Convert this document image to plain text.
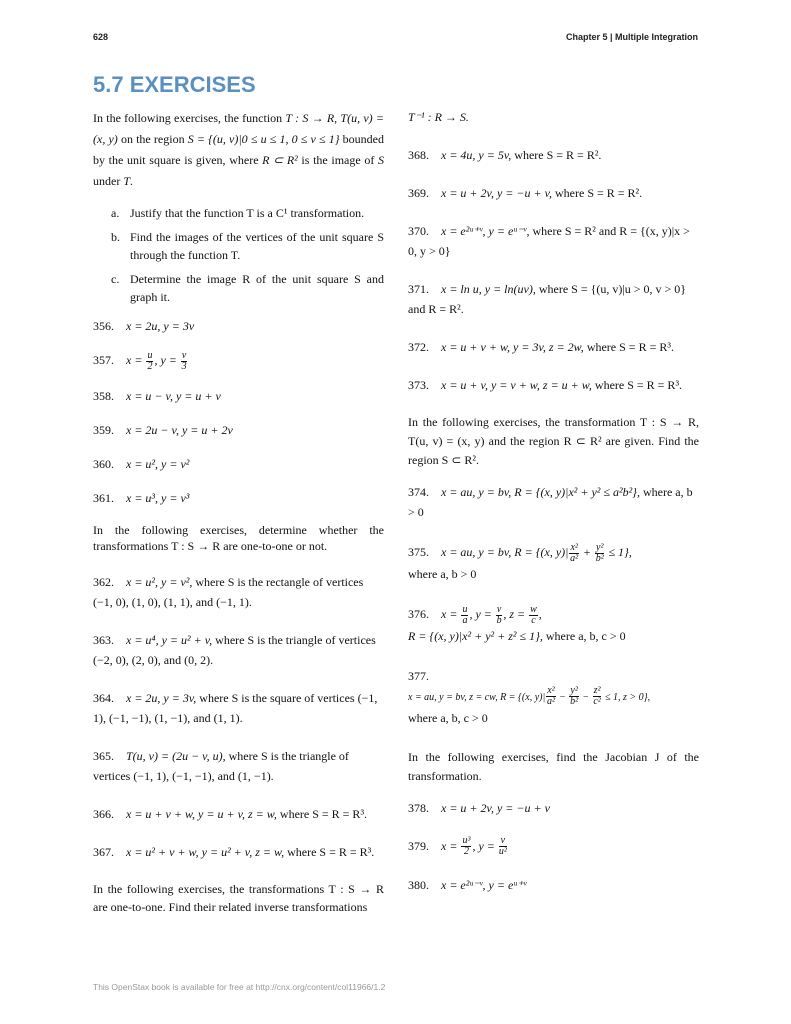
628	Chapter 5 | Multiple Integration
5.7 EXERCISES

In the following exercises, the function T : S → R, T(u, v) = (x, y) on the region S = {(u, v)|0 ≤ u ≤ 1, 0 ≤ v ≤ 1} bounded by the unit square is given, where R ⊂ R² is the image of S under T.

a. Justify that the function T is a C¹ transformation.
b. Find the images of the vertices of the unit square S through the function T.
c. Determine the image R of the unit square S and graph it.
356. x = 2u, y = 3v
357. $x = \frac{u}{2}$ , $y = \frac{v}{3}$
358. x = u − v, y = u + v
359. x = 2u − v, y = u + 2v
360. x = u², y = v²
361. x = u³, y = v³

In the following exercises, determine whether the transformations T : S → R are one-to-one or not.

362. x = u², y = v², where S is the rectangle of vertices (−1, 0), (1, 0), (1, 1), and (−1, 1).
363. x = u⁴, y = u² + v, where S is the triangle of vertices (−2, 0), (2, 0), and (0, 2).
364. x = 2u, y = 3v, where S is the square of vertices (−1, 1), (−1, −1), (1, −1), and (1, 1).
365. T(u, v) = (2u − v, u), where S is the triangle of vertices (−1, 1), (−1, −1), and (1, −1).
366. x = u + v + w, y = u + v, z = w, where S = R = R³.
367. x = u² + v + w, y = u² + v, z = w, where S = R = R³.

In the following exercises, the transformations T : S → R are one-to-one. Find their related inverse transformations

T⁻¹ : R → S.

368. x = 4u, y = 5v, where S = R = R².
369. x = u + 2v, y = −u + v, where S = R = R².
370. x = e²ᵘ⁺ᵛ, y = eᵘ⁻ᵛ, where S = R² and R = {(x, y)|x > 0, y > 0}
371. x = ln u, y = ln(uv), where S = {(u, v)|u > 0, v > 0} and R = R².
372. x = u + v + w, y = 3v, z = 2w, where S = R = R³.
373. x = u + v, y = v + w, z = u + w, where S = R = R³.

In the following exercises, the transformation T : S → R, T(u, v) = (x, y) and the region R ⊂ R² are given. Find the region S ⊂ R².

374. x = au, y = bv, R = {(x, y)|x² + y² ≤ a²b²}, where a, b > 0
375. x = au, y = bv, R = {(x, $y)| \frac{\text{x²}}{\text{a²}} + \frac{\text{y²}}{\text{b²}} \le 1$},
where a, b > 0
376. $x = \frac{u}{a}$ , $y = \frac{v}{b}$ , $z = \frac{w}{c}$ ,
R = {(x, y)|x² + y² + z² ≤ 1}, where a, b, c > 0
377.
x = au, y = bv, z = cw, R = {(x, $y)| \frac{\text{x²}}{\text{a²}} - \frac{\text{y²}}{\text{b²}} - \frac{\text{z²}}{\text{c²}} \le 1$, z > 0},
where a, b, c > 0

In the following exercises, find the Jacobian J of the transformation.

378. x = u + 2v, y = −u + v
379. $x = \frac{\text{u³}}{2}$ , $y = \frac{v}{\text{u²}}$
380. x = e²ᵘ⁻ᵛ, y = eᵘ⁺ᵛ
This OpenStax book is available for free at http://cnx.org/content/col11966/1.2
